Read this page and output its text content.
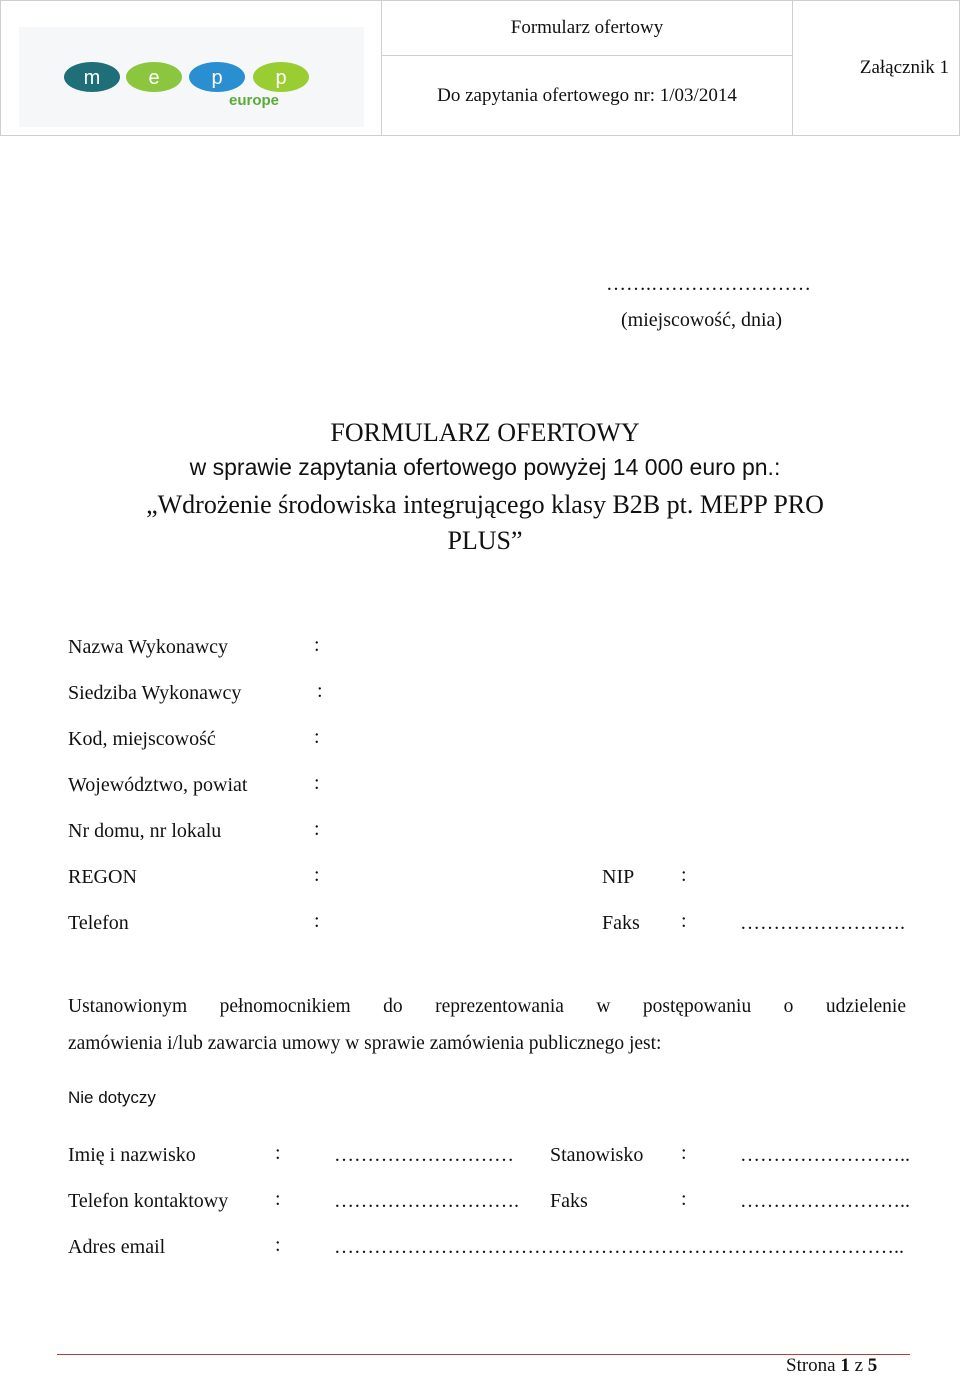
m e	p	p
europe
	Formularz ofertowy	Załącznik 1
Do zapytania ofertowego nr: 1/03/2014
…….……………………
(miejscowość, dnia)
FORMULARZ OFERTOWY
w sprawie zapytania ofertowego powyżej 14 000 euro pn.:
„Wdrożenie środowiska integrującego klasy B2B pt. MEPP PRO
PLUS”
Nazwa Wykonawcy	:
Siedziba Wykonawcy	:
Kod, miejscowość	:
Województwo, powiat	:
Nr domu, nr lokalu	:
REGON	:	NIP :
Telefon	:	Faks :	…………………….
Ustanowionym pełnomocnikiem do reprezentowania w postępowaniu o udzielenie
zamówienia i/lub zawarcia umowy w sprawie zamówienia publicznego jest:
Nie dotyczy
Imię i nazwisko	:	……………………… Stanowisko :	……………………..
Telefon kontaktowy :	………………………. Faks	:	……………………..
Adres email	:	…………………………………………………………………………..
Strona 1 z 5
